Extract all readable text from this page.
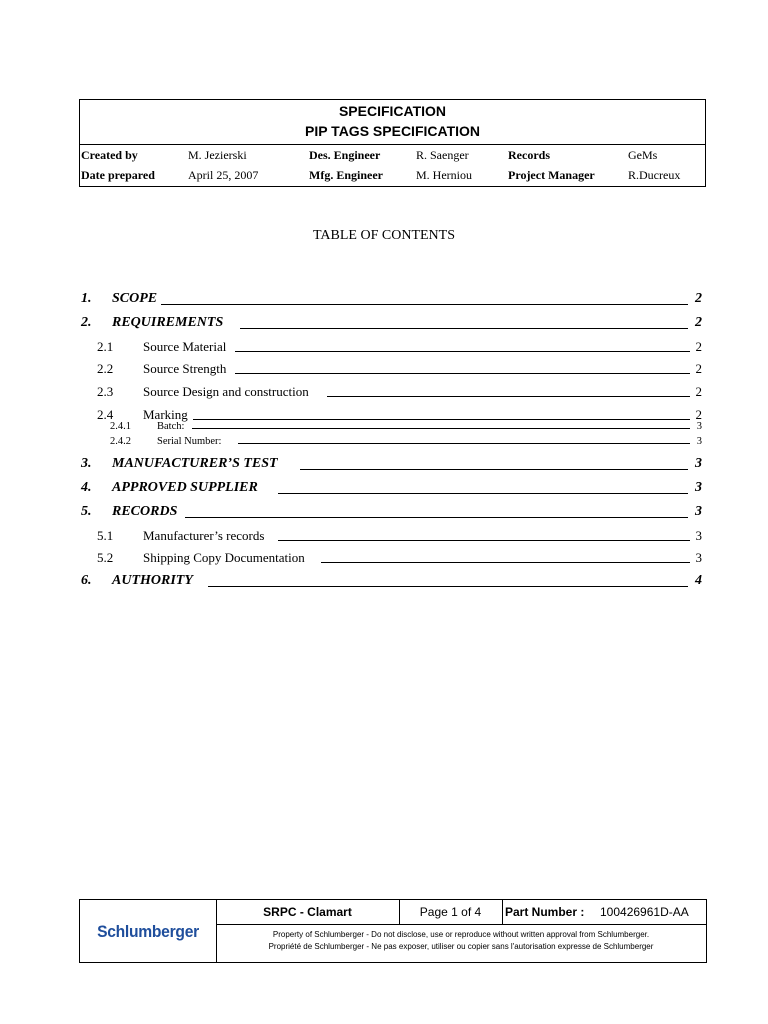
SPECIFICATION
PIP TAGS SPECIFICATION
Created by	M. Jezierski	Des. Engineer	R. Saenger	Records	GeMs
Date prepared	April 25, 2007	Mfg. Engineer	M. Herniou	Project Manager	R.Ducreux
TABLE OF CONTENTS
1. SCOPE	2
2. REQUIREMENTS	2
2.1 Source Material	2
2.2 Source Strength	2
2.3 Source Design and construction	2
2.4 Marking	2
2.4.1 Batch:	3
2.4.2 Serial Number:	3
3. MANUFACTURER’S TEST	3
4. APPROVED SUPPLIER	3
5. RECORDS	3
5.1 Manufacturer’s records	3
5.2 Shipping Copy Documentation	3
6. AUTHORITY	4
Schlumberger
SRPC - Clamart	Page 1 of 4	Part Number : 100426961D-AA
Property of Schlumberger - Do not disclose, use or reproduce without written approval from Schlumberger.
Propriété de Schlumberger - Ne pas exposer, utiliser ou copier sans l'autorisation expresse de Schlumberger
